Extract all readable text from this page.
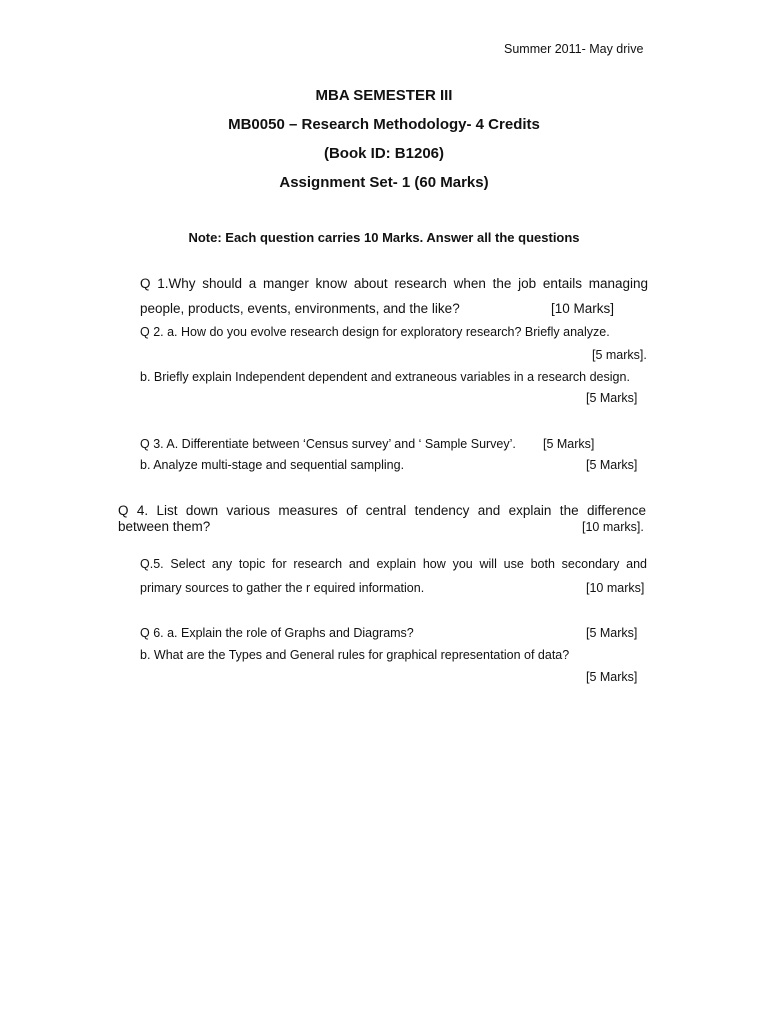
Summer 2011- May drive
MBA SEMESTER III
MB0050 – Research Methodology- 4 Credits
(Book ID: B1206)
Assignment Set- 1 (60 Marks)
Note: Each question carries 10 Marks. Answer all the questions
Q 1.Why should a manger know about research when the job entails managing
people, products, events, environments, and the like?	[10 Marks]
Q 2. a. How do you evolve research design for exploratory research? Briefly analyze.
[5 marks].
b. Briefly explain Independent dependent and extraneous variables in a research design.
[5 Marks]
Q 3. A. Differentiate between ‘Census survey’ and ‘ Sample Survey’. [5 Marks]
b. Analyze multi-stage and sequential sampling.	[5 Marks]
Q 4. List down various measures of central tendency and explain the difference
between them?	[10 marks].
Q.5. Select any topic for research and explain how you will use both secondary and
primary sources to gather the r equired information.	[10 marks]
Q 6. a. Explain the role of Graphs and Diagrams?	[5 Marks]
b. What are the Types and General rules for graphical representation of data?
[5 Marks]
